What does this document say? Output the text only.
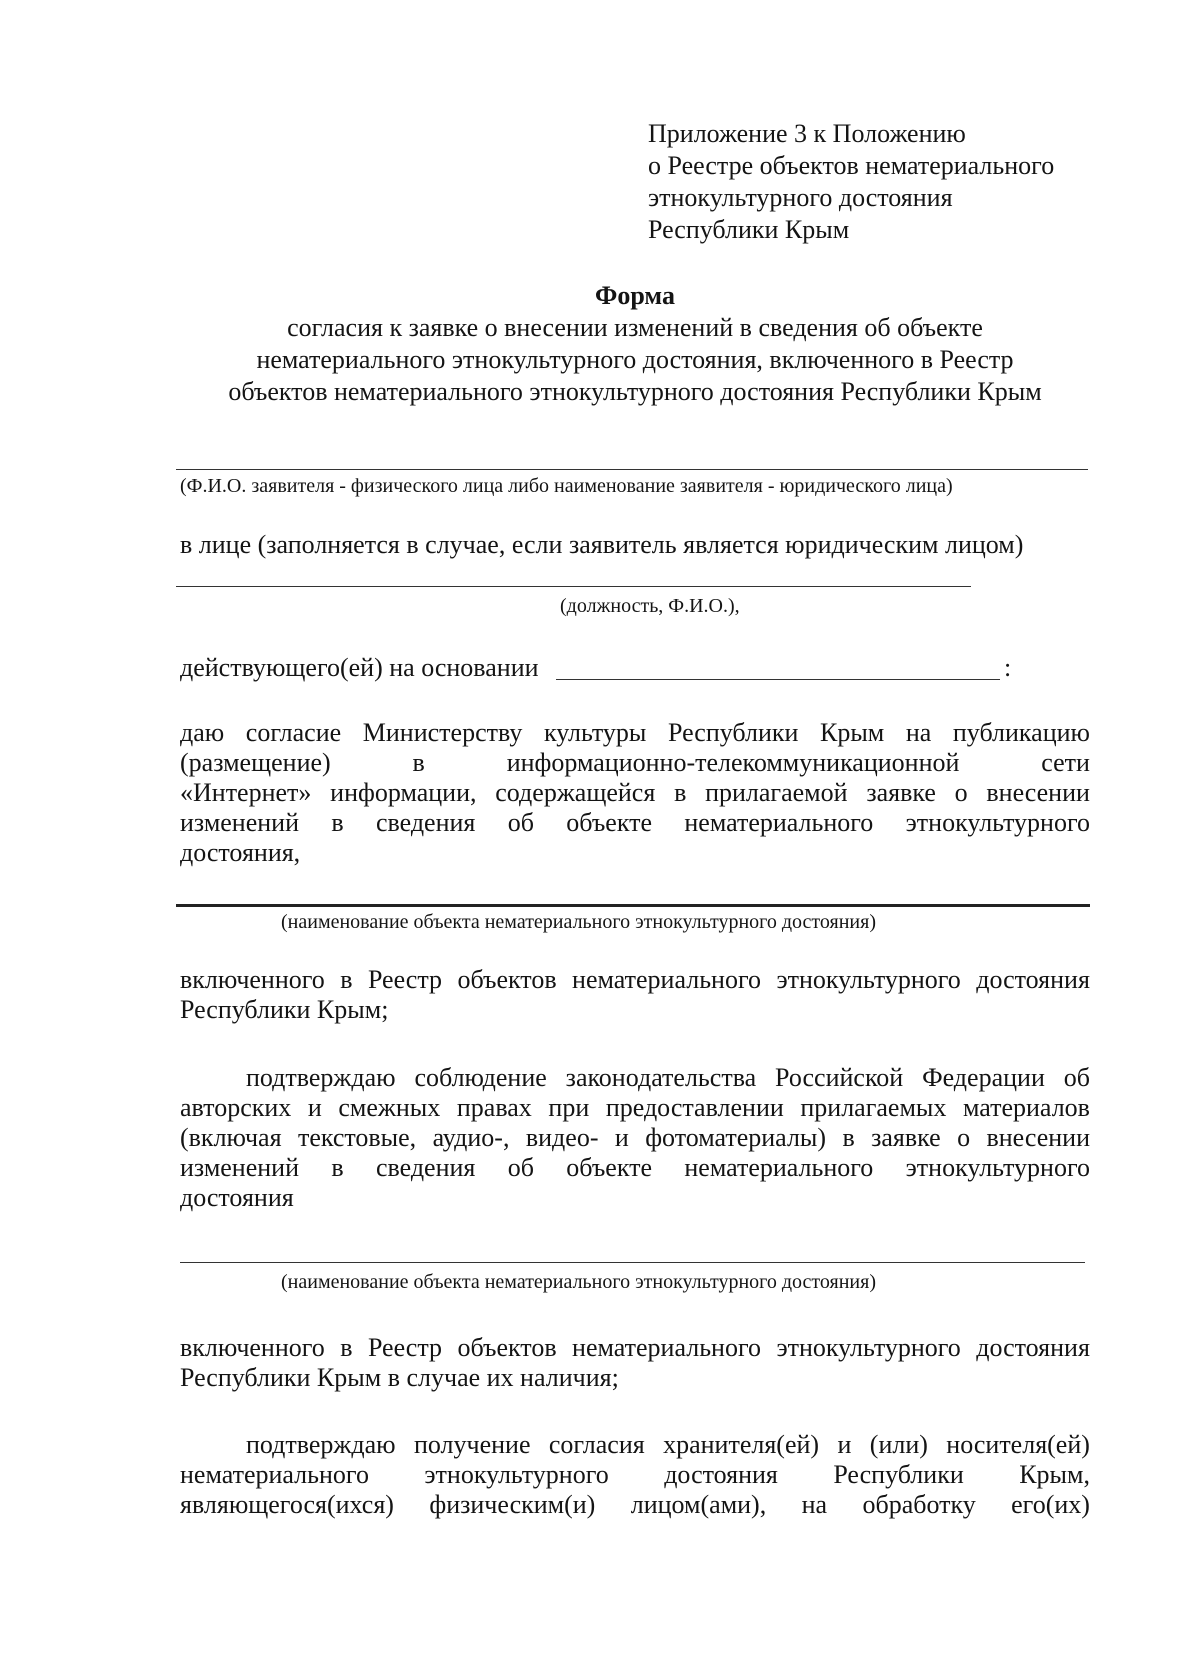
Приложение 3 к Положению
о Реестре объектов нематериального
этнокультурного достояния
Республики Крым
Форма
согласия к заявке о внесении изменений в сведения об объекте
нематериального этнокультурного достояния, включенного в Реестр
объектов нематериального этнокультурного достояния Республики Крым
(Ф.И.О. заявителя - физического лица либо наименование заявителя - юридического лица)
в лице (заполняется в случае, если заявитель является юридическим лицом)
(должность, Ф.И.О.),
действующего(ей) на основании	:
даю согласие Министерству культуры Республики Крым на публикацию
(размещение)	в	информационно-телекоммуникационной	сети
«Интернет» информации, содержащейся в прилагаемой заявке о внесении
изменений в сведения об объекте нематериального этнокультурного
достояния,
(наименование объекта нематериального этнокультурного достояния)
включенного в Реестр объектов нематериального этнокультурного достояния
Республики Крым;
подтверждаю соблюдение законодательства Российской Федерации об
авторских и смежных правах при предоставлении прилагаемых материалов
(включая текстовые, аудио-, видео- и фотоматериалы) в заявке о внесении
изменений в сведения об объекте нематериального этнокультурного
достояния
(наименование объекта нематериального этнокультурного достояния)
включенного в Реестр объектов нематериального этнокультурного достояния
Республики Крым в случае их наличия;
подтверждаю получение согласия хранителя(ей) и (или) носителя(ей)
нематериального этнокультурного достояния Республики Крым,
являющегося(ихся) физическим(и) лицом(ами), на обработку его(их)
